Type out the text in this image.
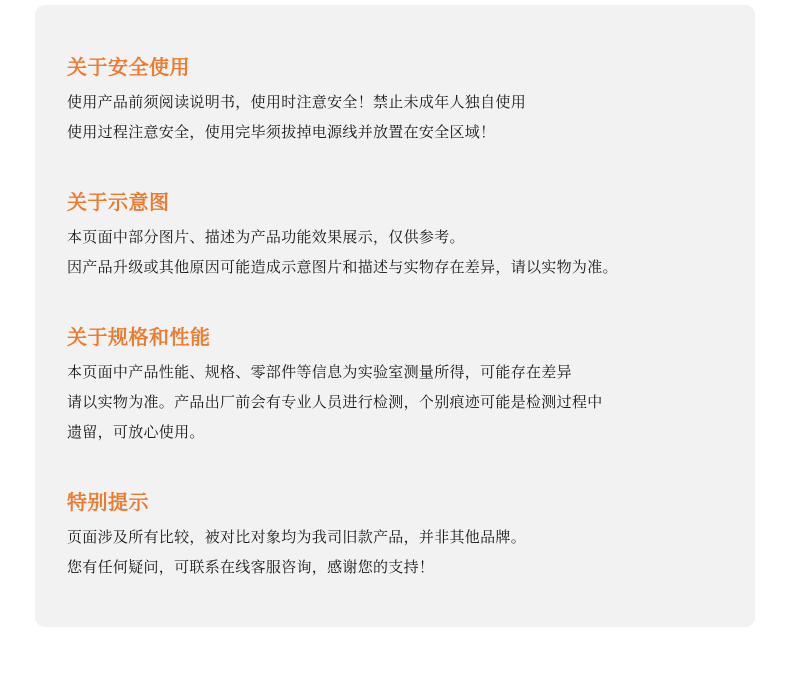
关于安全使用

使用产品前须阅读说明书，使用时注意安全！禁止未成年人独自使用

使用过程注意安全，使用完毕须拔掉电源线并放置在安全区域！

关于示意图

本页面中部分图片、描述为产品功能效果展示，仅供参考。

因产品升级或其他原因可能造成示意图片和描述与实物存在差异，请以实物为准。

关于规格和性能

本页面中产品性能、规格、零部件等信息为实验室测量所得，可能存在差异

请以实物为准。产品出厂前会有专业人员进行检测，个别痕迹可能是检测过程中

遗留，可放心使用。

特别提示

页面涉及所有比较，被对比对象均为我司旧款产品，并非其他品牌。

您有任何疑问，可联系在线客服咨询，感谢您的支持！
